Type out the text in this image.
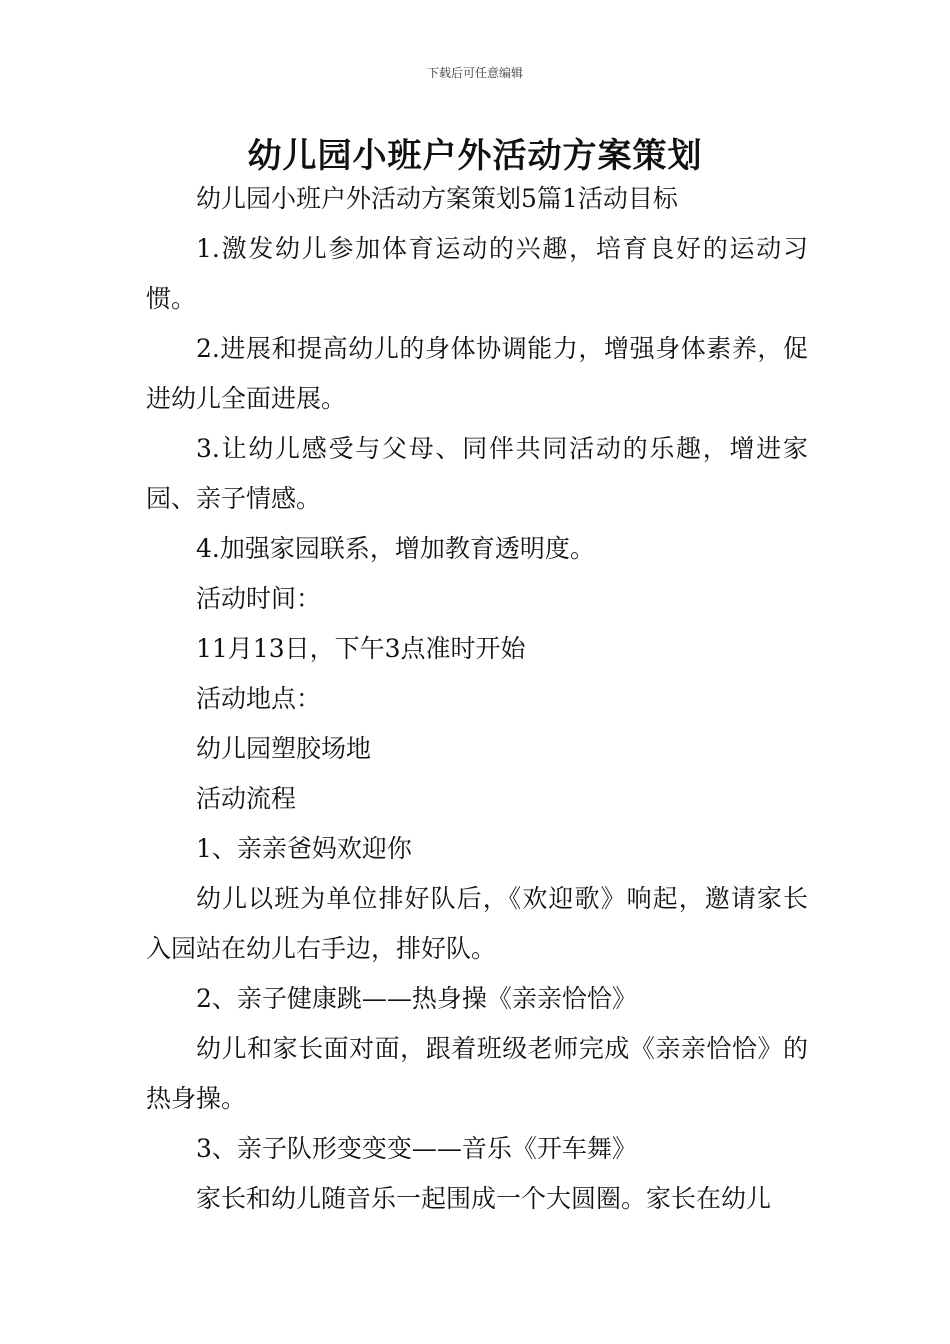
下载后可任意编辑
幼儿园小班户外活动方案策划

幼儿园小班户外活动方案策划5篇1活动目标

1.激发幼儿参加体育运动的兴趣，培育良好的运动习惯。

2.进展和提高幼儿的身体协调能力，增强身体素养，促进幼儿全面进展。

3.让幼儿感受与父母、同伴共同活动的乐趣，增进家园、亲子情感。

4.加强家园联系，增加教育透明度。

活动时间：

11月13日，下午3点准时开始

活动地点：

幼儿园塑胶场地

活动流程

1、亲亲爸妈欢迎你

幼儿以班为单位排好队后，《欢迎歌》响起，邀请家长入园站在幼儿右手边，排好队。

2、亲子健康跳——热身操《亲亲恰恰》

幼儿和家长面对面，跟着班级老师完成《亲亲恰恰》的热身操。

3、亲子队形变变变——音乐《开车舞》

家长和幼儿随音乐一起围成一个大圆圈。家长在幼儿
